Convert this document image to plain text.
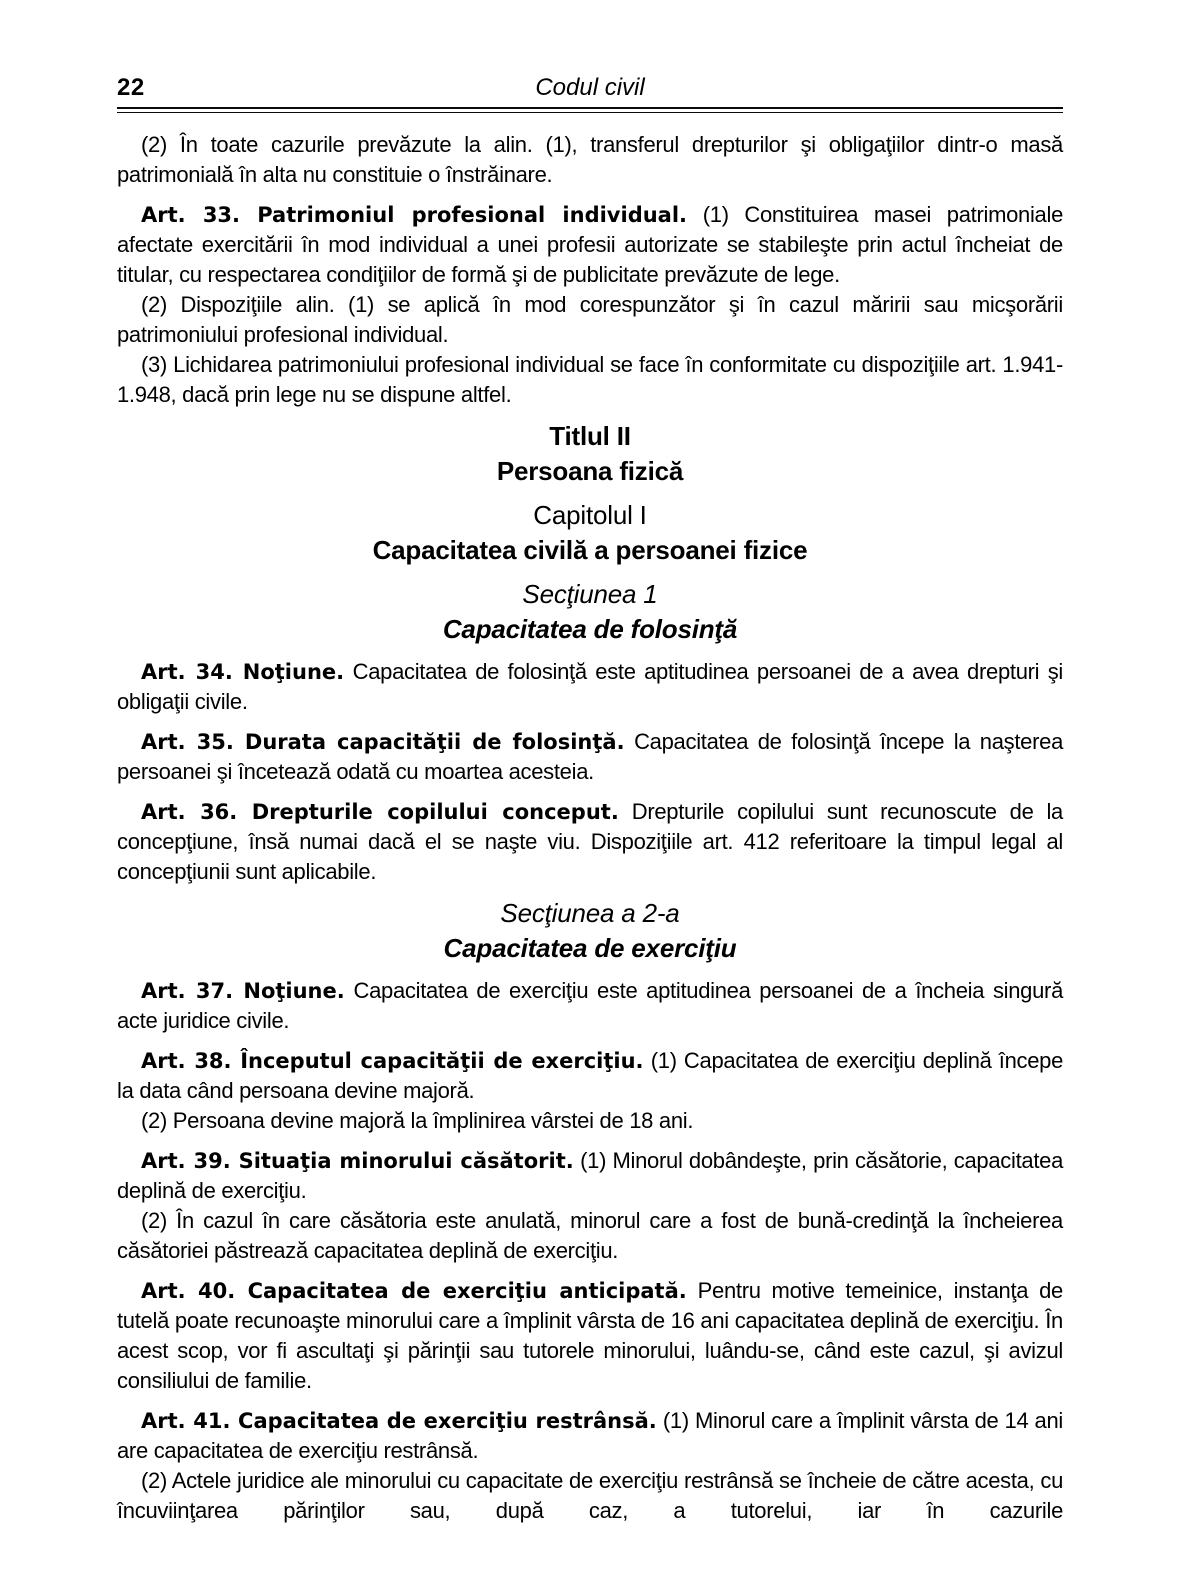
22	Codul civil

(2) În toate cazurile prevăzute la alin. (1), transferul drepturilor şi obligaţiilor dintr-o masă patrimonială în alta nu constituie o înstrăinare.

Art. 33. Patrimoniul profesional individual. (1) Constituirea masei patrimoniale afectate exercitării în mod individual a unei profesii autorizate se stabileşte prin actul încheiat de titular, cu respectarea condiţiilor de formă şi de publicitate prevăzute de lege.

(2) Dispoziţiile alin. (1) se aplică în mod corespunzător şi în cazul măririi sau micşorării patrimoniului profesional individual.

(3) Lichidarea patrimoniului profesional individual se face în conformitate cu dispoziţiile art. 1.941-1.948, dacă prin lege nu se dispune altfel.

Titlul II
Persoana fizică
Capitolul I
Capacitatea civilă a persoanei fizice
Secţiunea 1
Capacitatea de folosinţă

Art. 34. Noţiune. Capacitatea de folosinţă este aptitudinea persoanei de a avea drepturi şi obligaţii civile.

Art. 35. Durata capacităţii de folosinţă. Capacitatea de folosinţă începe la naşterea persoanei şi încetează odată cu moartea acesteia.

Art. 36. Drepturile copilului conceput. Drepturile copilului sunt recunoscute de la concepţiune, însă numai dacă el se naşte viu. Dispoziţiile art. 412 referitoare la timpul legal al concepţiunii sunt aplicabile.

Secţiunea a 2-a
Capacitatea de exerciţiu

Art. 37. Noţiune. Capacitatea de exerciţiu este aptitudinea persoanei de a încheia singură acte juridice civile.

Art. 38. Începutul capacităţii de exerciţiu. (1) Capacitatea de exerciţiu deplină începe la data când persoana devine majoră.

(2) Persoana devine majoră la împlinirea vârstei de 18 ani.

Art. 39. Situaţia minorului căsătorit. (1) Minorul dobândeşte, prin căsătorie, capacitatea deplină de exerciţiu.

(2) În cazul în care căsătoria este anulată, minorul care a fost de bună-credinţă la încheierea căsătoriei păstrează capacitatea deplină de exerciţiu.

Art. 40. Capacitatea de exerciţiu anticipată. Pentru motive temeinice, instanţa de tutelă poate recunoaşte minorului care a împlinit vârsta de 16 ani capacitatea deplină de exerciţiu. În acest scop, vor fi ascultaţi şi părinţii sau tutorele minorului, luându-se, când este cazul, şi avizul consiliului de familie.

Art. 41. Capacitatea de exerciţiu restrânsă. (1) Minorul care a împlinit vârsta de 14 ani are capacitatea de exerciţiu restrânsă.

(2) Actele juridice ale minorului cu capacitate de exerciţiu restrânsă se încheie de către acesta, cu încuviinţarea părinţilor sau, după caz, a tutorelui, iar în cazurile
